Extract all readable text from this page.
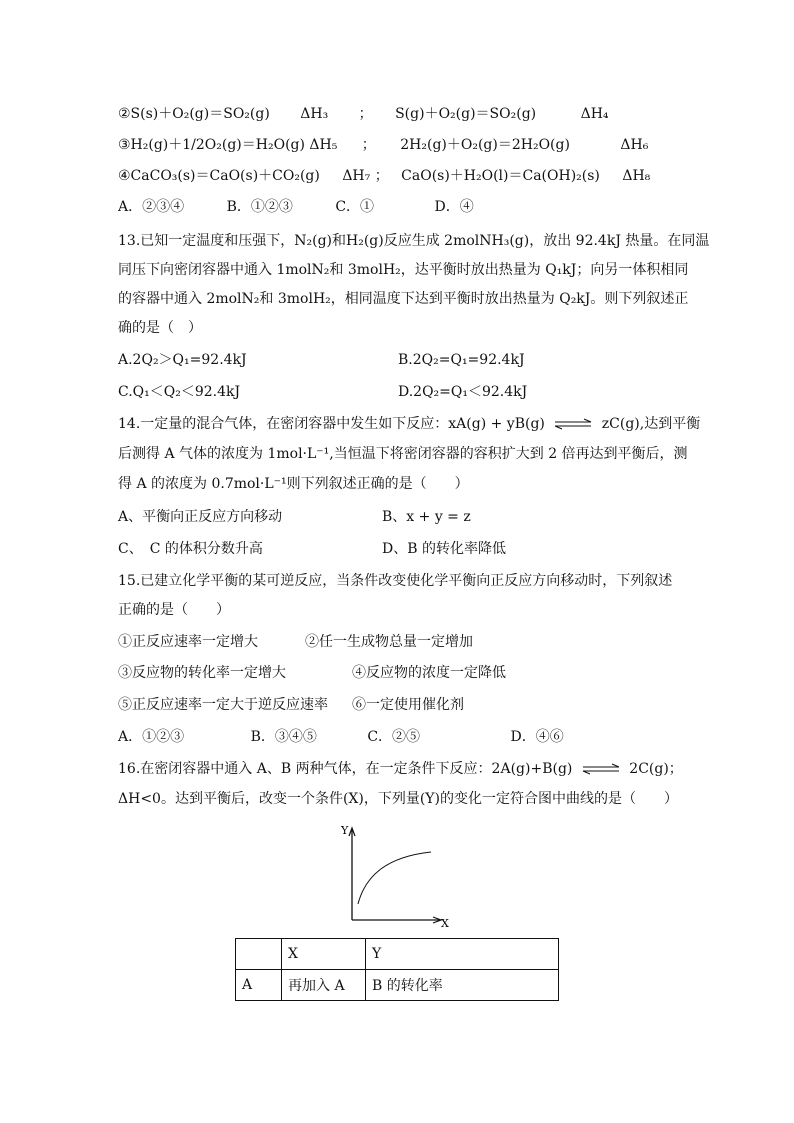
②S(s)＋O₂(g)＝SO₂(g) ΔH₃ ； S(g)＋O₂(g)＝SO₂(g)	ΔH₄
③H₂(g)＋1/2O₂(g)＝H₂O(g) ΔH₅ ； 2H₂(g)＋O₂(g)＝2H₂O(g)	ΔH₆
④CaCO₃(s)＝CaO(s)＋CO₂(g) ΔH₇ ； CaO(s)＋H₂O(l)＝Ca(OH)₂(s) ΔH₈
A．②③④	B．①②③	C．①	D．④
13.已知一定温度和压强下，N₂(g)和H₂(g)反应生成 2molNH₃(g)，放出 92.4kJ 热量。在同温
同压下向密闭容器中通入 1molN₂和 3molH₂，达平衡时放出热量为 Q₁kJ；向另一体积相同
的容器中通入 2molN₂和 3molH₂，相同温度下达到平衡时放出热量为 Q₂kJ。则下列叙述正
确的是（　）
A.2Q₂＞Q₁=92.4kJ	B.2Q₂=Q₁=92.4kJ
C.Q₁＜Q₂＜92.4kJ	D.2Q₂=Q₁＜92.4kJ
14.一定量的混合气体，在密闭容器中发生如下反应：xA(g) + yB(g) ⇌ zC(g),达到平衡
后测得 A 气体的浓度为 1mol·L⁻¹,当恒温下将密闭容器的容积扩大到 2 倍再达到平衡后，测
得 A 的浓度为 0.7mol·L⁻¹则下列叙述正确的是（　　）
A、平衡向正反应方向移动	B、x + y = z
C、　C 的体积分数升高	D、B 的转化率降低
15.已建立化学平衡的某可逆反应，当条件改变使化学平衡向正反应方向移动时，下列叙述
正确的是（　　）
①正反应速率一定增大	②任一生成物总量一定增加
③反应物的转化率一定增大	④反应物的浓度一定降低
⑤正反应速率一定大于逆反应速率 ⑥一定使用催化剂
A．①②③	B．③④⑤	C．②⑤	D．④⑥
16.在密闭容器中通入 A、B 两种气体，在一定条件下反应：2A(g)+B(g) ⇌ 2C(g)；
ΔH<0。达到平衡后，改变一个条件(X)，下列量(Y)的变化一定符合图中曲线的是（　　）
Y
X
	X	Y
A	再加入 A	B 的转化率
